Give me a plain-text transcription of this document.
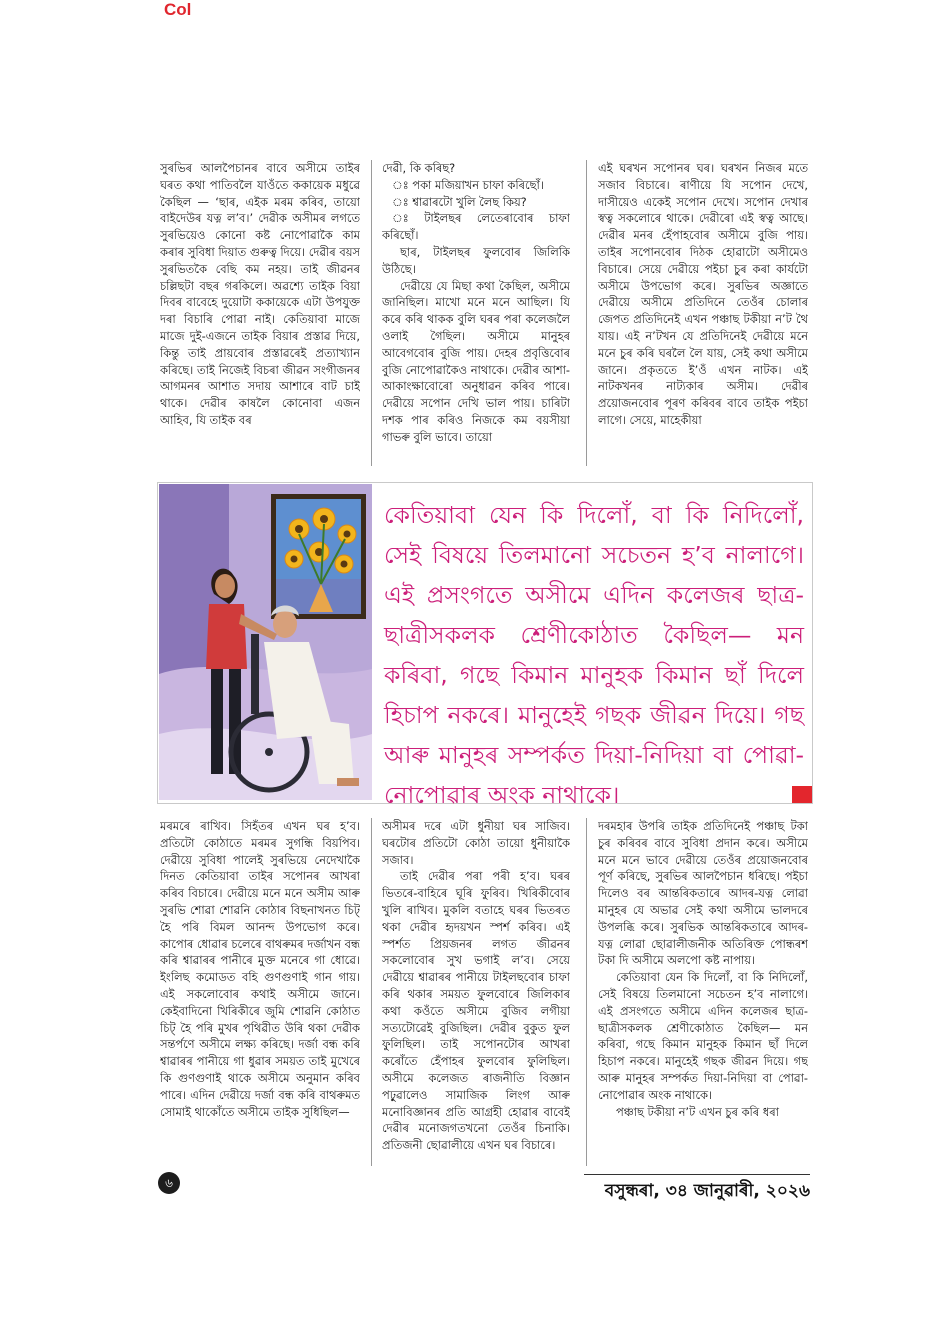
Col

সুৰভিৰ আলপৈচানৰ বাবে অসীমে তাইৰ ঘৰত কথা পাতিবলৈ যাওঁতে ককায়েক মধুৱে কৈছিল — ‘ছাৰ, এইক মৰম কৰিব, তায়ো বাইদেউৰ যত্ন ল’ব।’ দেৱীক অসীমৰ লগতে সুৰভিয়েও কোনো কষ্ট নোপোৱাকৈ কাম কৰাৰ সুবিধা দিয়াত গুৰুত্ব দিয়ে। দেৱীৰ বয়স সুৰভিতকৈ বেছি কম নহয়। তাই জীৱনৰ চল্লিছটা বছৰ গৰকিলে। অৱশ্যে তাইক বিয়া দিবৰ বাবেহে দুয়োটা ককায়েকে এটা উপযুক্ত দৰা বিচাৰি পোৱা নাই। কেতিয়াবা মাজে মাজে দুই-এজনে তাইক বিয়াৰ প্ৰস্তাৱ দিয়ে, কিন্তু তাই প্ৰায়বোৰ প্ৰস্তাৱৰেই প্ৰত্যাখ্যান কৰিছে। তাই নিজেই বিচৰা জীৱন সংগীজনৰ আগমনৰ আশাত সদায় আশাৰে বাট চাই থাকে। দেৱীৰ কাষলৈ কোনোবা এজন আহিব, যি তাইক বৰ

দেৱী, কি কৰিছ?

ঃ পকা মজিয়াখন চাফা কৰিছোঁ।

ঃ শ্বাৱাৰটো খুলি লৈছ কিয়?

ঃ টাইলছৰ লেতেৰাবোৰ চাফা কৰিছোঁ।

ছাৰ, টাইলছৰ ফুলবোৰ জিলিকি উঠিছে।

দেৱীয়ে যে মিছা কথা কৈছিল, অসীমে জানিছিল। মাখো মনে মনে আছিল। যি কৰে কৰি থাকক বুলি ঘৰৰ পৰা কলেজলৈ ওলাই গৈছিল। অসীমে মানুহৰ আবেগবোৰ বুজি পায়। দেহৰ প্ৰবৃত্তিবোৰ বুজি নোপোৱাকৈও নাথাকে। দেৱীৰ আশা-আকাংক্ষাবোৰো অনুধাৱন কৰিব পাৰে। দেৱীয়ে সপোন দেখি ভাল পায়। চাৰিটা দশক পাৰ কৰিও নিজকে কম বয়সীয়া গাভৰু বুলি ভাবে। তায়ো

এই ঘৰখন সপোনৰ ঘৰ। ঘৰখন নিজৰ মতে সজাব বিচাৰে। ৰাণীয়ে যি সপোন দেখে, দাসীয়েও একেই সপোন দেখে। সপোন দেখাৰ স্বত্ব সকলোৰে থাকে। দেৱীৰো এই স্বত্ব আছে। দেৱীৰ মনৰ হেঁপাহবোৰ অসীমে বুজি পায়। তাইৰ সপোনবোৰ দিঠক হোৱাটো অসীমেও বিচাৰে। সেয়ে দেৱীয়ে পইচা চুৰ কৰা কাৰ্যটো অসীমে উপভোগ কৰে। সুৰভিৰ অজ্ঞাতে দেৱীয়ে অসীমে প্ৰতিদিনে তেওঁৰ চোলাৰ জেপত প্ৰতিদিনেই এখন পঞ্চাছ টকীয়া ন’ট থৈ যায়। এই ন’টখন যে প্ৰতিদিনেই দেৱীয়ে মনে মনে চুৰ কৰি ঘৰলৈ লৈ যায়, সেই কথা অসীমে জানে। প্ৰকৃততে ই’ওঁ এখন নাটক। এই নাটকখনৰ নাট্যকাৰ অসীম। দেৱীৰ প্ৰয়োজনবোৰ পূৰণ কৰিবৰ বাবে তাইক পইচা লাগে। সেয়ে, মাহেকীয়া

কেতিয়াবা যেন কি দিলোঁ, বা কি নিদিলোঁ, সেই বিষয়ে তিলমানো সচেতন হ’ব নালাগে। এই প্ৰসংগতে অসীমে এদিন কলেজৰ ছাত্ৰ-ছাত্ৰীসকলক শ্ৰেণীকোঠাত কৈছিল— মন কৰিবা, গছে কিমান মানুহক কিমান ছাঁ দিলে হিচাপ নকৰে। মানুহেই গছক জীৱন দিয়ে। গছ আৰু মানুহৰ সম্পৰ্কত দিয়া-নিদিয়া বা পোৱা-নোপোৱাৰ অংক নাথাকে।

মৰমৰে ৰাখিব। সিহঁতৰ এখন ঘৰ হ’ব। প্ৰতিটো কোঠাতে মৰমৰ সুগন্ধি বিয়পিব। দেৱীয়ে সুবিধা পালেই সুৰভিয়ে নেদেখাকৈ দিনত কেতিয়াবা তাইৰ সপোনৰ আখৰা কৰিব বিচাৰে। দেৱীয়ে মনে মনে অসীম আৰু সুৰভি শোৱা শোৱনি কোঠাৰ বিছনাখনত চিট্ হৈ পৰি বিমল আনন্দ উপভোগ কৰে। কাপোৰ ধোৱাৰ চলেৰে বাথৰুমৰ দৰ্জাখন বন্ধ কৰি শ্বাৱাৰৰ পানীৰে মুক্ত মনেৰে গা ধোৱে। ইংলিছ কমোডত বহি গুণগুণাই গান গায়। এই সকলোবোৰ কথাই অসীমে জানে। কেইবাদিনো খিৰিকীৰে জুমি শোৱনি কোঠাত চিট্ হৈ পৰি মুখৰ পৃথিৱীত উৰি থকা দেৱীক সন্তৰ্পণে অসীমে লক্ষ্য কৰিছে। দৰ্জা বন্ধ কৰি শ্বাৱাৰৰ পানীয়ে গা ধুৱাৰ সময়ত তাই মুখেৰে কি গুণগুণাই থাকে অসীমে অনুমান কৰিব পাৰে। এদিন দেৱীয়ে দৰ্জা বন্ধ কৰি বাথৰুমত সোমাই থাকোঁতে অসীমে তাইক সুধিছিল—

অসীমৰ দৰে এটা ধুনীয়া ঘৰ সাজিব। ঘৰটোৰ প্ৰতিটো কোঠা তায়ো ধুনীয়াকৈ সজাব।

তাই দেৱীৰ পৰা পৰী হ’ব। ঘৰৰ ভিতৰে-বাহিৰে ঘূৰি ফুৰিব। খিৰিকীবোৰ খুলি ৰাখিব। মুকলি বতাহে ঘৰৰ ভিতৰত থকা দেৱীৰ হৃদয়খন স্পৰ্শ কৰিব। এই স্পৰ্শত প্ৰিয়জনৰ লগত জীৱনৰ সকলোবোৰ সুখ ভগাই ল’ব। সেয়ে দেৱীয়ে শ্বাৱাৰৰ পানীয়ে টাইলছবোৰ চাফা কৰি থকাৰ সময়ত ফুলবোৰে জিলিকাৰ কথা কওঁতে অসীমে বুজিব লগীয়া সত্যটোৱেই বুজিছিল। দেৱীৰ বুকুত ফুল ফুলিছিল। তাই সপোনটোৰ আখৰা কৰোঁতে হেঁপাহৰ ফুলবোৰ ফুলিছিল। অসীমে কলেজত ৰাজনীতি বিজ্ঞান পঢ়ুৱালেও সামাজিক লিংগ আৰু মনোবিজ্ঞানৰ প্ৰতি আগ্ৰহী হোৱাৰ বাবেই দেৱীৰ মনোজগতখনো তেওঁৰ চিনাকি। প্ৰতিজনী ছোৱালীয়ে এখন ঘৰ বিচাৰে।

দৰমহাৰ উপৰি তাইক প্ৰতিদিনেই পঞ্চাছ টকা চুৰ কৰিবৰ বাবে সুবিধা প্ৰদান কৰে। অসীমে মনে মনে ভাবে দেৱীয়ে তেওঁৰ প্ৰয়োজনবোৰ পূৰ্ণ কৰিছে, সুৰভিৰ আলপৈচান ধৰিছে। পইচা দিলেও বৰ আন্তৰিকতাৰে আদৰ-যত্ন লোৱা মানুহৰ যে অভাৱ সেই কথা অসীমে ভালদৰে উপলব্ধি কৰে। সুৰভিক আন্তৰিকতাৰে আদৰ-যত্ন লোৱা ছোৱালীজনীক অতিৰিক্ত পোন্ধৰশ টকা দি অসীমে অলপো কষ্ট নাপায়।

কেতিয়াবা যেন কি দিলোঁ, বা কি নিদিলোঁ, সেই বিষয়ে তিলমানো সচেতন হ’ব নালাগে। এই প্ৰসংগতে অসীমে এদিন কলেজৰ ছাত্ৰ-ছাত্ৰীসকলক শ্ৰেণীকোঠাত কৈছিল— মন কৰিবা, গছে কিমান মানুহক কিমান ছাঁ দিলে হিচাপ নকৰে। মানুহেই গছক জীৱন দিয়ে। গছ আৰু মানুহৰ সম্পৰ্কত দিয়া-নিদিয়া বা পোৱা-নোপোৱাৰ অংক নাথাকে।

পঞ্চাছ টকীয়া ন’ট এখন চুৰ কৰি ধৰা

৬	বসুন্ধৰা, ৩৪ জানুৱাৰী, ২০২৬
